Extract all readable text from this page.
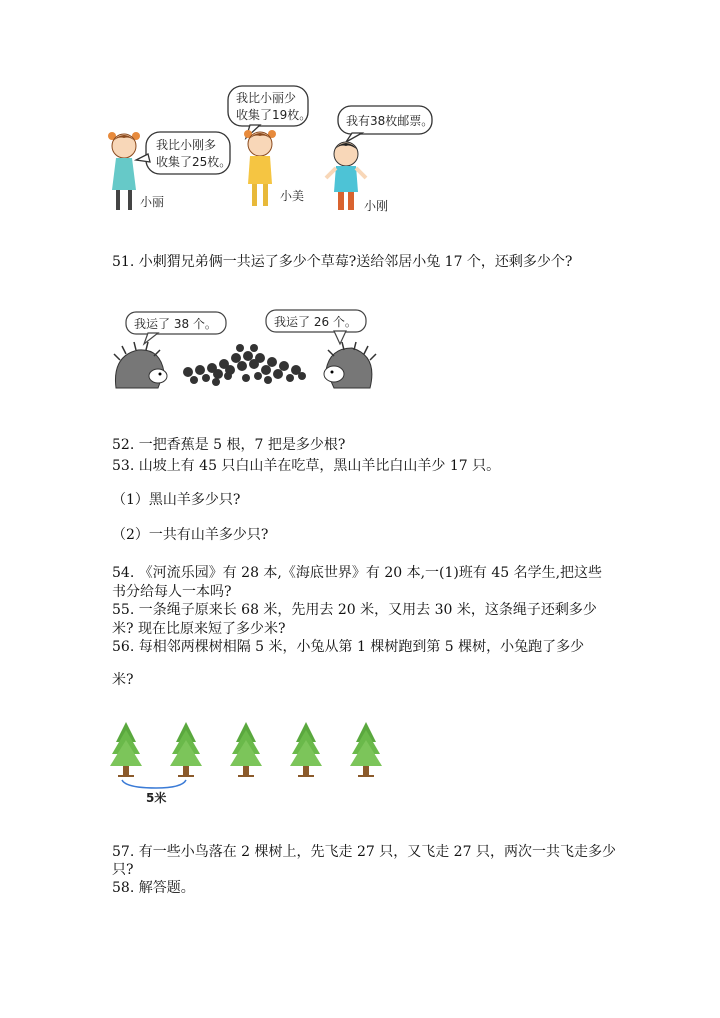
我比小刚多
收集了25枚。
小丽
我比小丽少
收集了19枚。
小美
我有38枚邮票。
小刚
51. 小刺猬兄弟俩一共运了多少个草莓?送给邻居小兔 17 个，还剩多少个?
我运了 38 个。	我运了 26 个。
52. 一把香蕉是 5 根，7 把是多少根?
53. 山坡上有 45 只白山羊在吃草，黑山羊比白山羊少 17 只。
（1）黑山羊多少只?
（2）一共有山羊多少只?
54. 《河流乐园》有 28 本,《海底世界》有 20 本,一(1)班有 45 名学生,把这些
书分给每人一本吗?
55. 一条绳子原来长 68 米，先用去 20 米，又用去 30 米，这条绳子还剩多少
米? 现在比原来短了多少米?
56. 每相邻两棵树相隔 5 米，小兔从第 1 棵树跑到第 5 棵树，小兔跑了多少
米?
5米
57. 有一些小鸟落在 2 棵树上，先飞走 27 只，又飞走 27 只，两次一共飞走多少
只?
58. 解答题。
